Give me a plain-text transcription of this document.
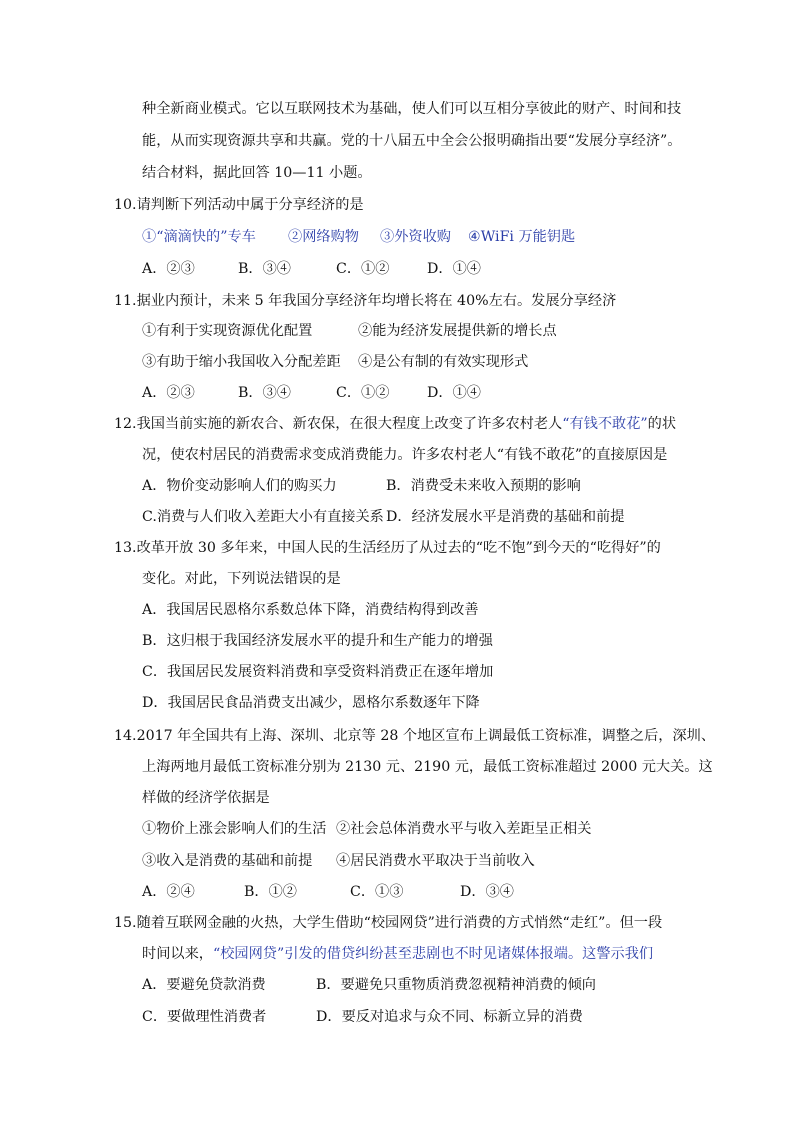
种全新商业模式。它以互联网技术为基础，使人们可以互相分享彼此的财产、时间和技
能，从而实现资源共享和共赢。党的十八届五中全会公报明确指出要“发展分享经济”。
结合材料，据此回答 10—11 小题。
10.请判断下列活动中属于分享经济的是
①“滴滴快的”专车 ②网络购物 ③外资收购 ④WiFi 万能钥匙
A．②③	B．③④	C．①②	D．①④
11.据业内预计，未来 5 年我国分享经济年均增长将在 40%左右。发展分享经济
①有利于实现资源优化配置	②能为经济发展提供新的增长点
③有助于缩小我国收入分配差距 ④是公有制的有效实现形式
A．②③	B．③④	C．①②	D．①④
12.我国当前实施的新农合、新农保，在很大程度上改变了许多农村老人“有钱不敢花”的状
况，使农村居民的消费需求变成消费能力。许多农村老人“有钱不敢花”的直接原因是
A．物价变动影响人们的购买力	B．消费受未来收入预期的影响
C.消费与人们收入差距大小有直接关系 D．经济发展水平是消费的基础和前提
13.改革开放 30 多年来，中国人民的生活经历了从过去的“吃不饱”到今天的“吃得好”的
变化。对此，下列说法错误的是
A．我国居民恩格尔系数总体下降，消费结构得到改善
B．这归根于我国经济发展水平的提升和生产能力的增强
C．我国居民发展资料消费和享受资料消费正在逐年增加
D．我国居民食品消费支出减少，恩格尔系数逐年下降
14.2017 年全国共有上海、深圳、北京等 28 个地区宣布上调最低工资标准，调整之后，深圳、
上海两地月最低工资标准分别为 2130 元、2190 元，最低工资标准超过 2000 元大关。这
样做的经济学依据是
①物价上涨会影响人们的生活 ②社会总体消费水平与收入差距呈正相关
③收入是消费的基础和前提 ④居民消费水平取决于当前收入
A．②④	B．①②	C．①③	D．③④
15.随着互联网金融的火热，大学生借助“校园网贷”进行消费的方式悄然“走红”。但一段
时间以来，“校园网贷”引发的借贷纠纷甚至悲剧也不时见诸媒体报端。这警示我们
A．要避免贷款消费	B．要避免只重物质消费忽视精神消费的倾向
C．要做理性消费者	D．要反对追求与众不同、标新立异的消费
